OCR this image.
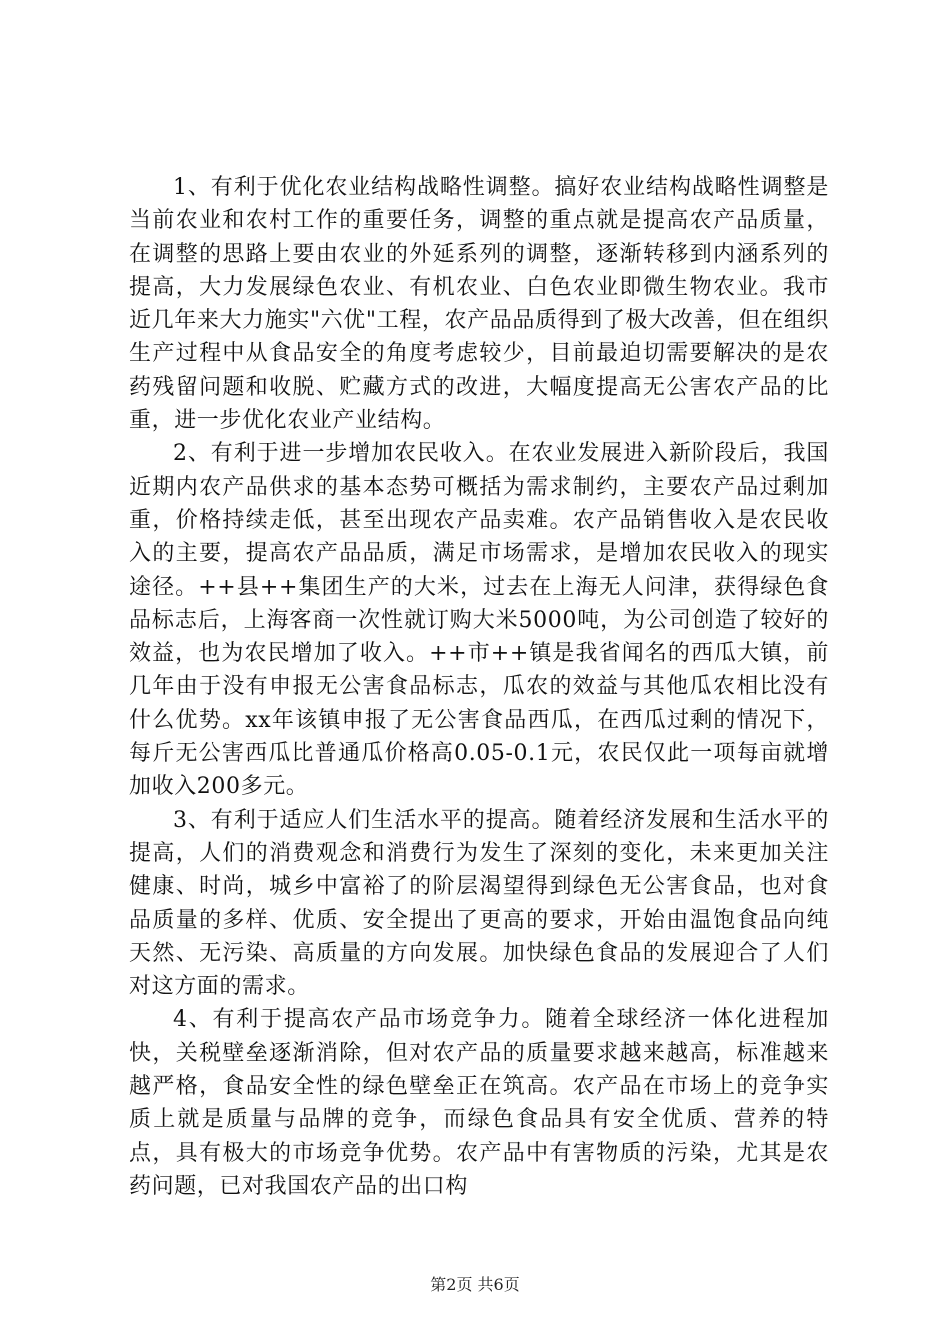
1、有利于优化农业结构战略性调整。搞好农业结构战略性调整是当前农业和农村工作的重要任务，调整的重点就是提高农产品质量，在调整的思路上要由农业的外延系列的调整，逐渐转移到内涵系列的提高，大力发展绿色农业、有机农业、白色农业即微生物农业。我市近几年来大力施实"六优"工程，农产品品质得到了极大改善，但在组织生产过程中从食品安全的角度考虑较少，目前最迫切需要解决的是农药残留问题和收脱、贮藏方式的改进，大幅度提高无公害农产品的比重，进一步优化农业产业结构。

2、有利于进一步增加农民收入。在农业发展进入新阶段后，我国近期内农产品供求的基本态势可概括为需求制约，主要农产品过剩加重，价格持续走低，甚至出现农产品卖难。农产品销售收入是农民收入的主要，提高农产品品质，满足市场需求，是增加农民收入的现实途径。++县++集团生产的大米，过去在上海无人问津，获得绿色食品标志后，上海客商一次性就订购大米5000吨，为公司创造了较好的效益，也为农民增加了收入。++市++镇是我省闻名的西瓜大镇，前几年由于没有申报无公害食品标志，瓜农的效益与其他瓜农相比没有什么优势。xx年该镇申报了无公害食品西瓜，在西瓜过剩的情况下，每斤无公害西瓜比普通瓜价格高0.05-0.1元，农民仅此一项每亩就增加收入200多元。

3、有利于适应人们生活水平的提高。随着经济发展和生活水平的提高，人们的消费观念和消费行为发生了深刻的变化，未来更加关注健康、时尚，城乡中富裕了的阶层渴望得到绿色无公害食品，也对食品质量的多样、优质、安全提出了更高的要求，开始由温饱食品向纯天然、无污染、高质量的方向发展。加快绿色食品的发展迎合了人们对这方面的需求。

4、有利于提高农产品市场竞争力。随着全球经济一体化进程加快，关税壁垒逐渐消除，但对农产品的质量要求越来越高，标准越来越严格，食品安全性的绿色壁垒正在筑高。农产品在市场上的竞争实质上就是质量与品牌的竞争，而绿色食品具有安全优质、营养的特点，具有极大的市场竞争优势。农产品中有害物质的污染，尤其是农药问题，已对我国农产品的出口构

第2页 共6页
